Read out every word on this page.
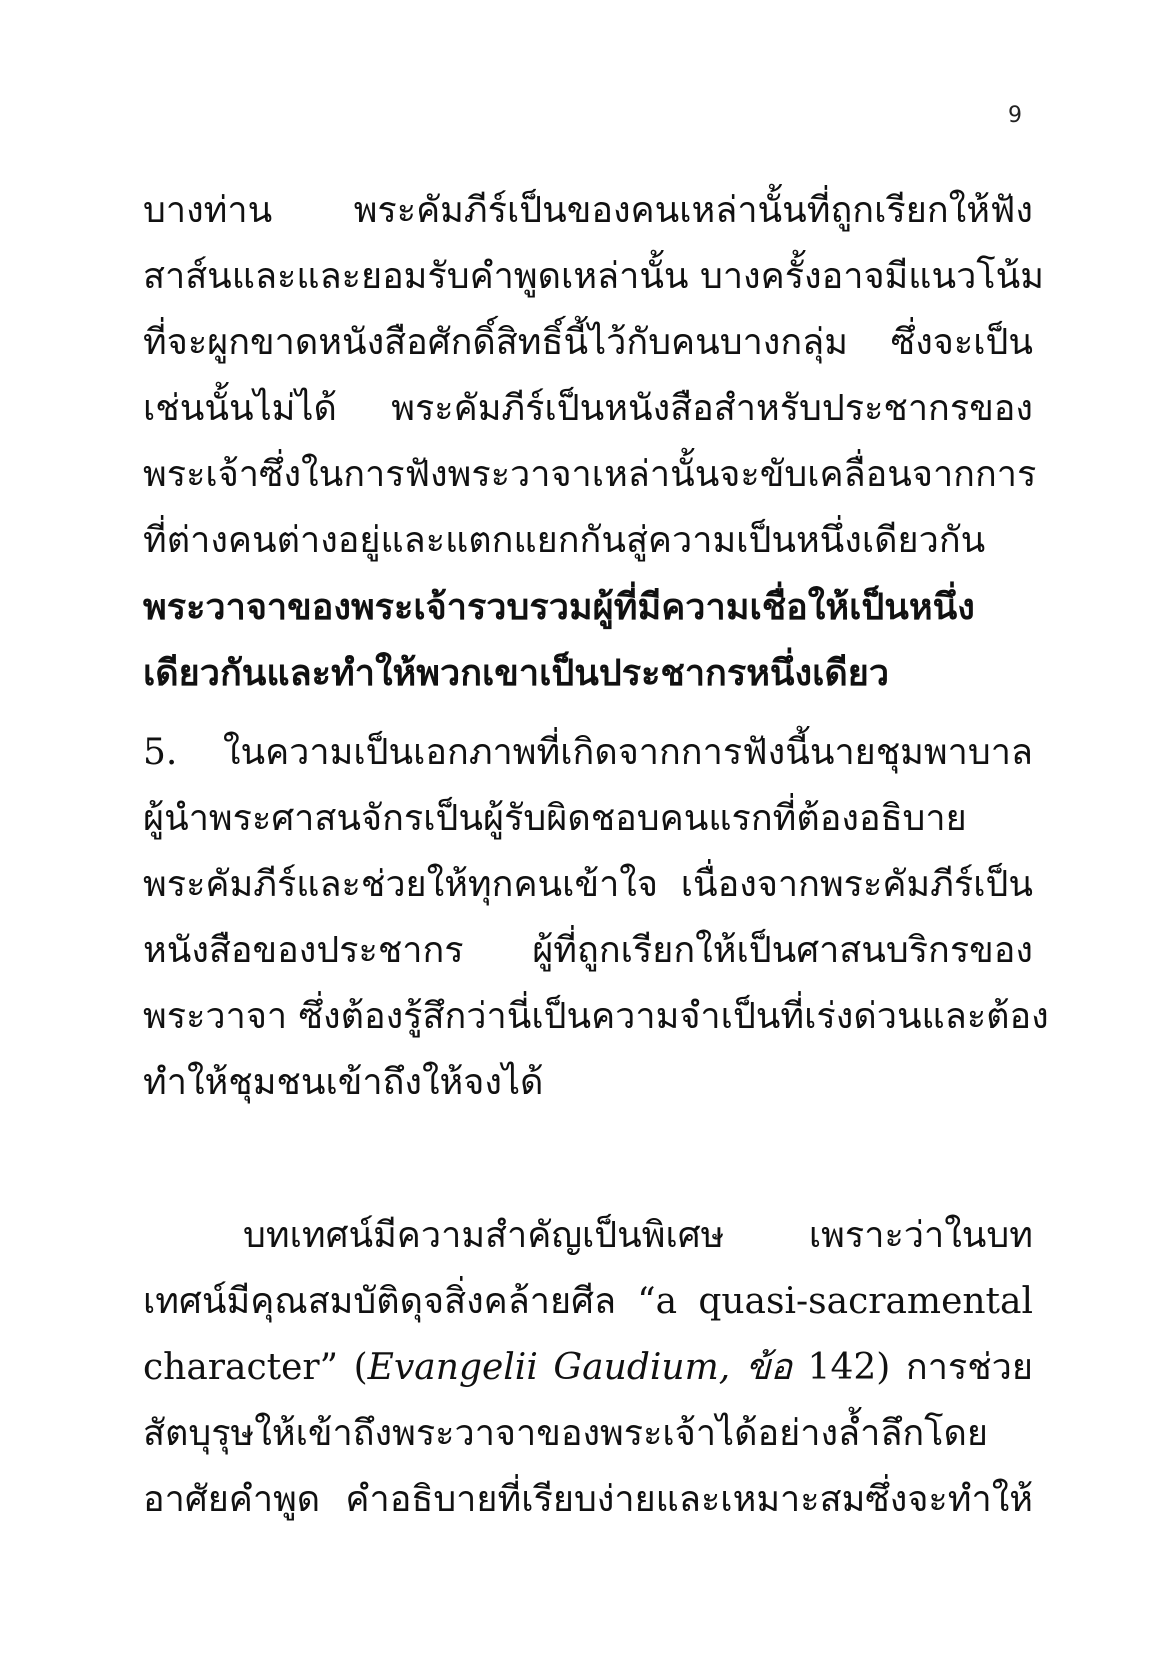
9
บางท่าน พระคัมภีร์เป็นของคนเหล่านั้นที่ถูกเรียกให้ฟัง
สาส์นและและยอมรับคำพูดเหล่านั้น บางครั้งอาจมีแนวโน้ม
ที่จะผูกขาดหนังสือศักดิ์สิทธิ์นี้ไว้กับคนบางกลุ่ม ซึ่งจะเป็น
เช่นนั้นไม่ได้ พระคัมภีร์เป็นหนังสือสำหรับประชากรของ
พระเจ้าซึ่งในการฟังพระวาจาเหล่านั้นจะขับเคลื่อนจากการ
ที่ต่างคนต่างอยู่และแตกแยกกันสู่ความเป็นหนึ่งเดียวกัน
พระวาจาของพระเจ้ารวบรวมผู้ที่มีความเชื่อให้เป็นหนึ่ง
เดียวกันและทำให้พวกเขาเป็นประชากรหนึ่งเดียว
5. ในความเป็นเอกภาพที่เกิดจากการฟังนี้นายชุมพาบาล
ผู้นำพระศาสนจักรเป็นผู้รับผิดชอบคนแรกที่ต้องอธิบาย
พระคัมภีร์และช่วยให้ทุกคนเข้าใจ เนื่องจากพระคัมภีร์เป็น
หนังสือของประชากร ผู้ที่ถูกเรียกให้เป็นศาสนบริกรของ
พระวาจา ซึ่งต้องรู้สึกว่านี่เป็นความจำเป็นที่เร่งด่วนและต้อง
ทำให้ชุมชนเข้าถึงให้จงได้
บทเทศน์มีความสำคัญเป็นพิเศษ เพราะว่าในบท
เทศน์มีคุณสมบัติดุจสิ่งคล้ายศีล “a quasi-sacramental
character” (Evangelii Gaudium, ข้อ 142) การช่วย
สัตบุรุษให้เข้าถึงพระวาจาของพระเจ้าได้อย่างล้ำลึกโดย
อาศัยคำพูด คำอธิบายที่เรียบง่ายและเหมาะสมซึ่งจะทำให้
